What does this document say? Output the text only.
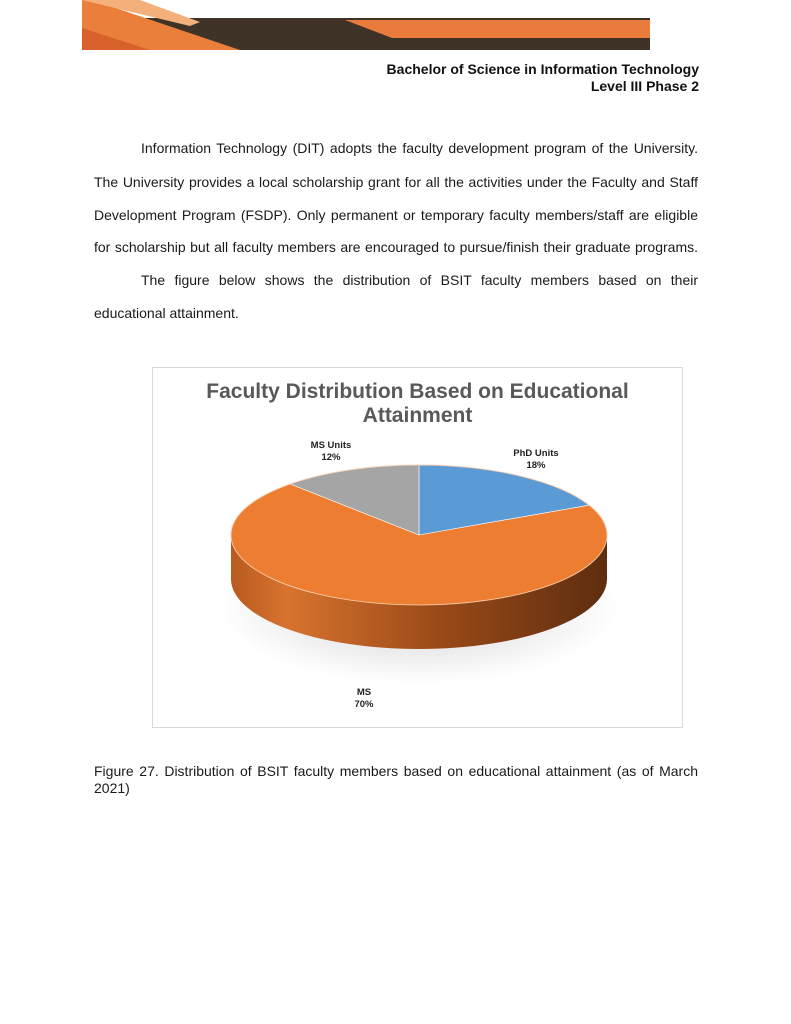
Bachelor of Science in Information Technology
Level III Phase 2
Information Technology (DIT) adopts the faculty development program of the University.
The University provides a local scholarship grant for all the activities under the Faculty and Staff
Development Program (FSDP). Only permanent or temporary faculty members/staff are eligible
for scholarship but all faculty members are encouraged to pursue/finish their graduate programs.
The figure below shows the distribution of BSIT faculty members based on their
educational attainment.
Faculty Distribution Based on Educational Attainment
PhD Units
18%
MS
70%
MS Units
12%
Figure 27. Distribution of BSIT faculty members based on educational attainment (as of March 2021)
